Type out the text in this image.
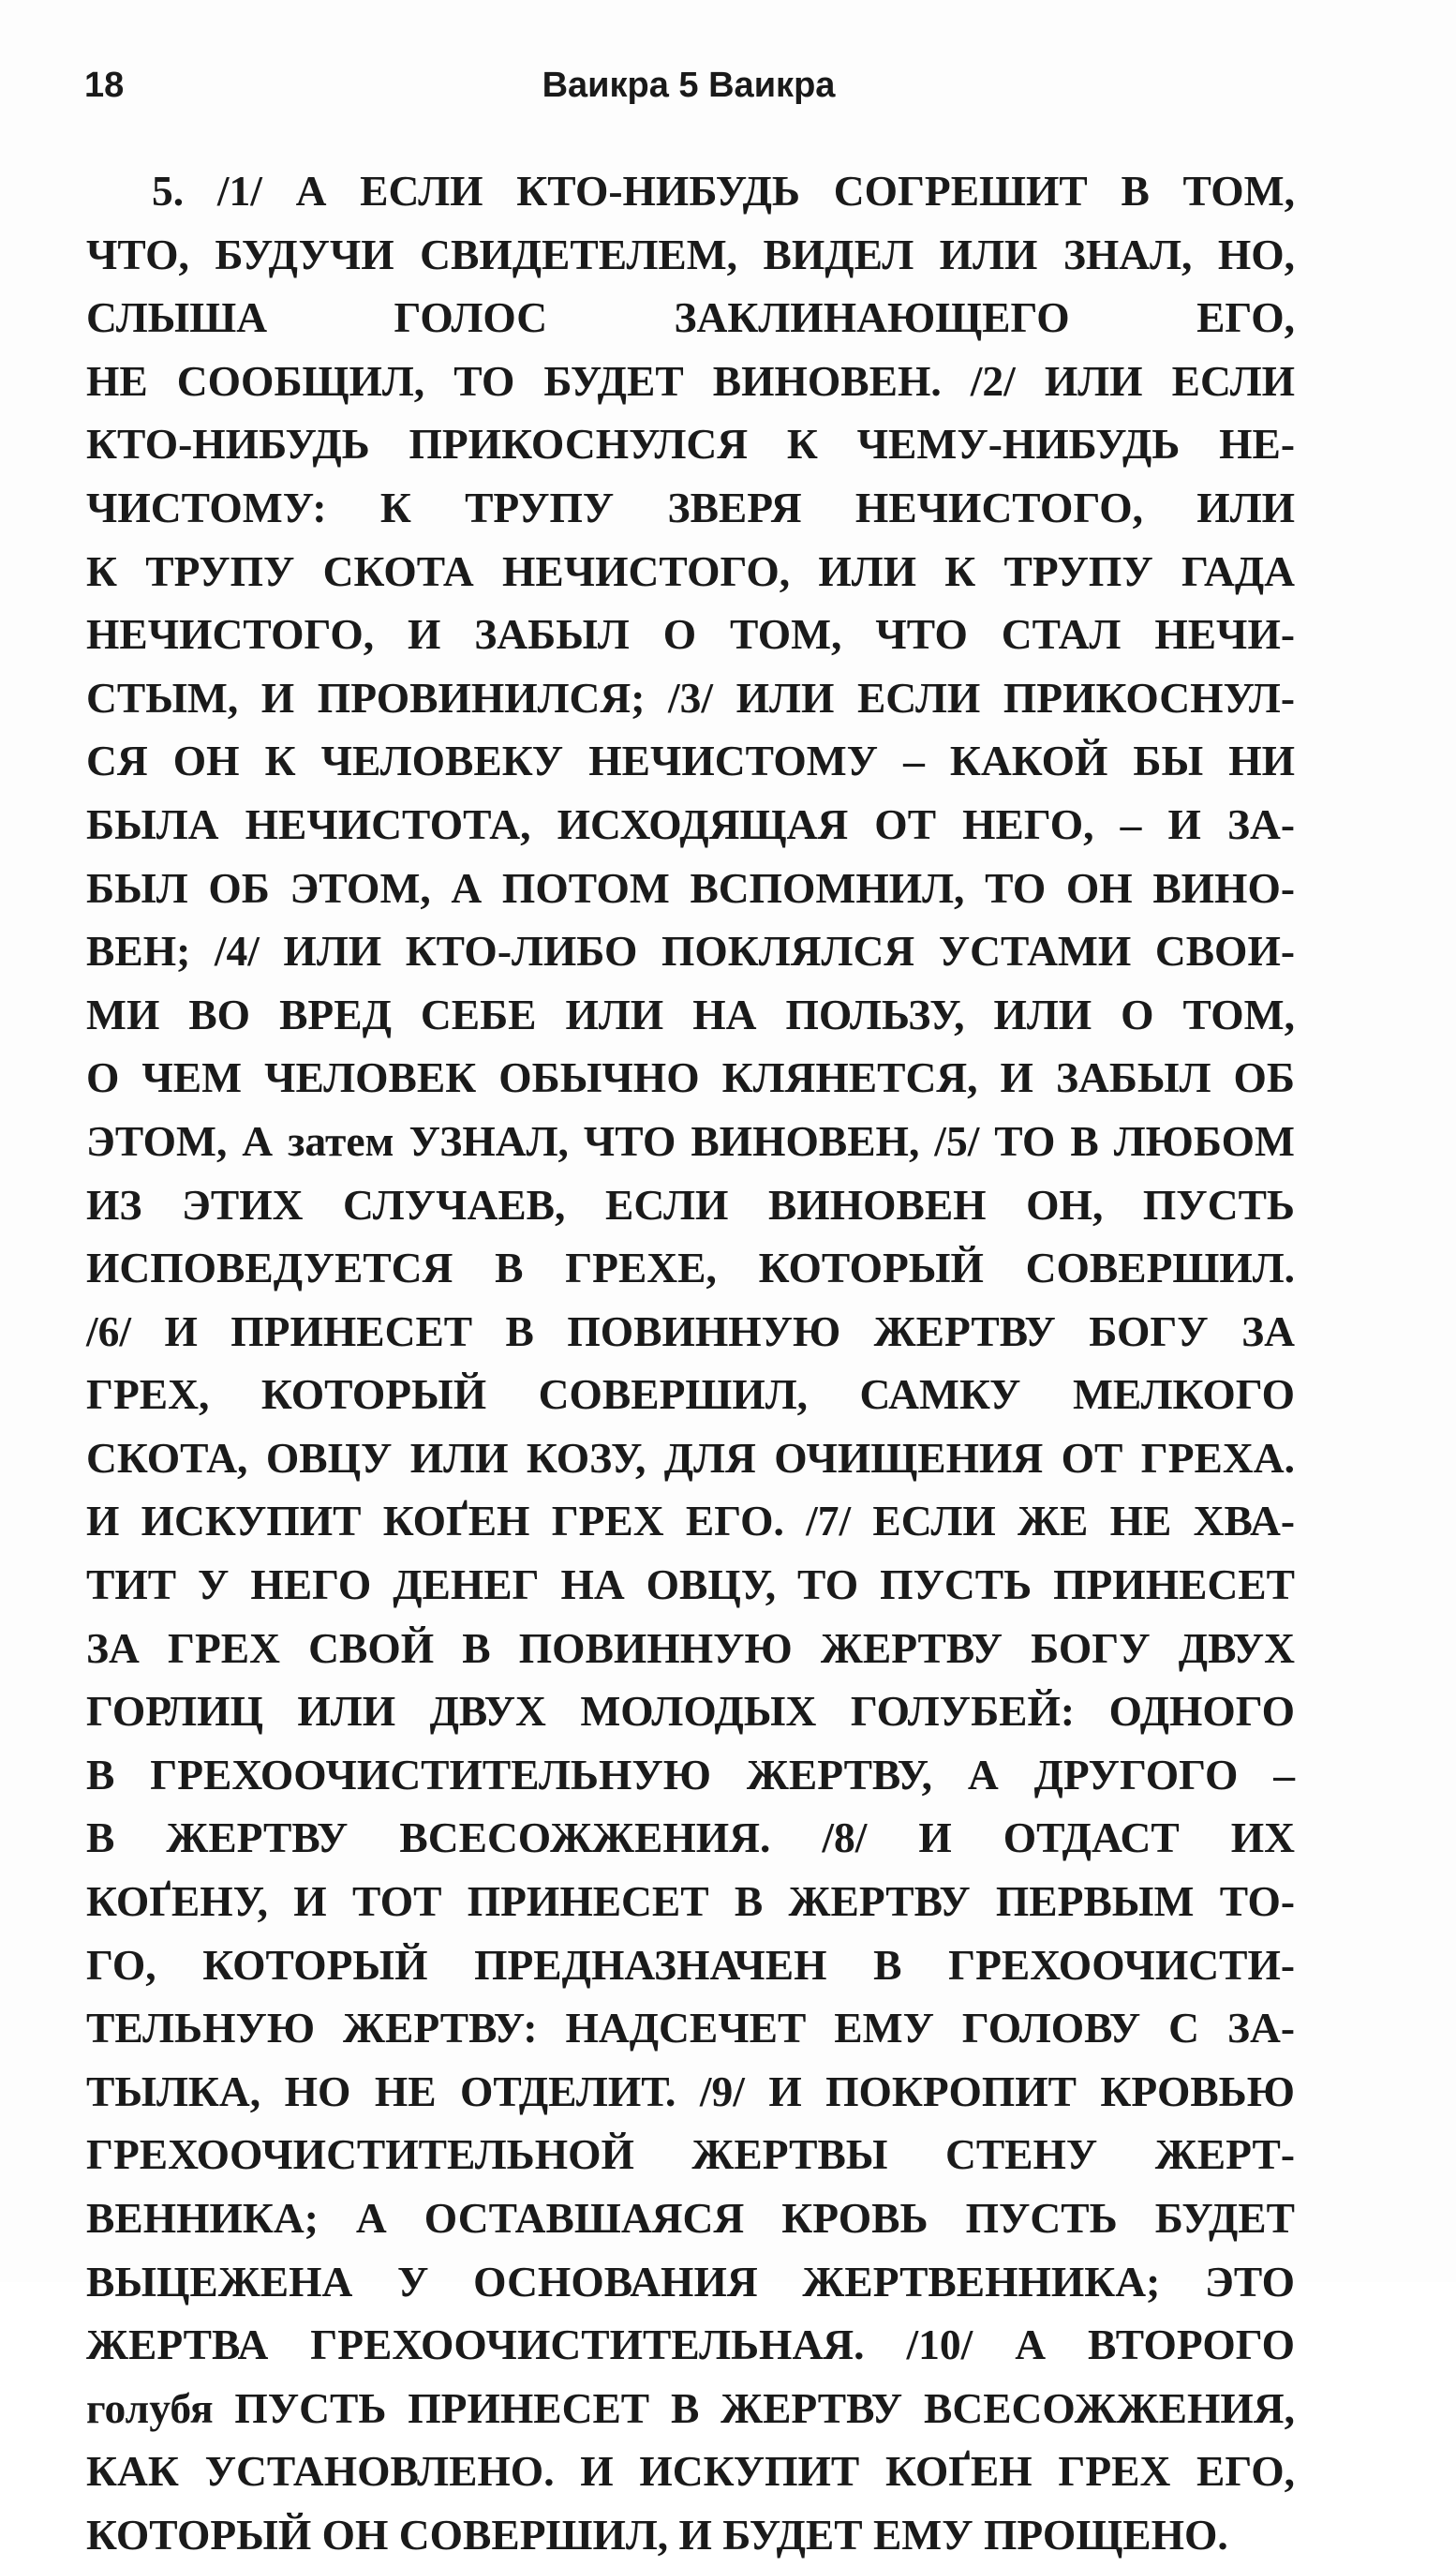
18	Ваикра 5 Ваикра
5. /1/ А ЕСЛИ КТО-НИБУДЬ СОГРЕШИТ В ТОМ,
ЧТО, БУДУЧИ СВИДЕТЕЛЕМ, ВИДЕЛ ИЛИ ЗНАЛ, НО,
СЛЫША ГОЛОС ЗАКЛИНАЮЩЕГО ЕГО,
НЕ СООБЩИЛ, ТО БУДЕТ ВИНОВЕН. /2/ ИЛИ ЕСЛИ
КТО-НИБУДЬ ПРИКОСНУЛСЯ К ЧЕМУ-НИБУДЬ НЕ-
ЧИСТОМУ: К ТРУПУ ЗВЕРЯ НЕЧИСТОГО, ИЛИ
К ТРУПУ СКОТА НЕЧИСТОГО, ИЛИ К ТРУПУ ГАДА
НЕЧИСТОГО, И ЗАБЫЛ О ТОМ, ЧТО СТАЛ НЕЧИ-
СТЫМ, И ПРОВИНИЛСЯ; /3/ ИЛИ ЕСЛИ ПРИКОСНУЛ-
СЯ ОН К ЧЕЛОВЕКУ НЕЧИСТОМУ – КАКОЙ БЫ НИ
БЫЛА НЕЧИСТОТА, ИСХОДЯЩАЯ ОТ НЕГО, – И ЗА-
БЫЛ ОБ ЭТОМ, А ПОТОМ ВСПОМНИЛ, ТО ОН ВИНО-
ВЕН; /4/ ИЛИ КТО-ЛИБО ПОКЛЯЛСЯ УСТАМИ СВОИ-
МИ ВО ВРЕД СЕБЕ ИЛИ НА ПОЛЬЗУ, ИЛИ О ТОМ,
О ЧЕМ ЧЕЛОВЕК ОБЫЧНО КЛЯНЕТСЯ, И ЗАБЫЛ ОБ
ЭТОМ, А затем УЗНАЛ, ЧТО ВИНОВЕН, /5/ ТО В ЛЮБОМ
ИЗ ЭТИХ СЛУЧАЕВ, ЕСЛИ ВИНОВЕН ОН, ПУСТЬ
ИСПОВЕДУЕТСЯ В ГРЕХЕ, КОТОРЫЙ СОВЕРШИЛ.
/6/ И ПРИНЕСЕТ В ПОВИННУЮ ЖЕРТВУ БОГУ ЗА
ГРЕХ, КОТОРЫЙ СОВЕРШИЛ, САМКУ МЕЛКОГО
СКОТА, ОВЦУ ИЛИ КОЗУ, ДЛЯ ОЧИЩЕНИЯ ОТ ГРЕХА.
И ИСКУПИТ КОҐЕН ГРЕХ ЕГО. /7/ ЕСЛИ ЖЕ НЕ ХВА-
ТИТ У НЕГО ДЕНЕГ НА ОВЦУ, ТО ПУСТЬ ПРИНЕСЕТ
ЗА ГРЕХ СВОЙ В ПОВИННУЮ ЖЕРТВУ БОГУ ДВУХ
ГОРЛИЦ ИЛИ ДВУХ МОЛОДЫХ ГОЛУБЕЙ: ОДНОГО
В ГРЕХООЧИСТИТЕЛЬНУЮ ЖЕРТВУ, А ДРУГОГО –
В ЖЕРТВУ ВСЕСОЖЖЕНИЯ. /8/ И ОТДАСТ ИХ
КОҐЕНУ, И ТОТ ПРИНЕСЕТ В ЖЕРТВУ ПЕРВЫМ ТО-
ГО, КОТОРЫЙ ПРЕДНАЗНАЧЕН В ГРЕХООЧИСТИ-
ТЕЛЬНУЮ ЖЕРТВУ: НАДСЕЧЕТ ЕМУ ГОЛОВУ С ЗА-
ТЫЛКА, НО НЕ ОТДЕЛИТ. /9/ И ПОКРОПИТ КРОВЬЮ
ГРЕХООЧИСТИТЕЛЬНОЙ ЖЕРТВЫ СТЕНУ ЖЕРТ-
ВЕННИКА; А ОСТАВШАЯСЯ КРОВЬ ПУСТЬ БУДЕТ
ВЫЦЕЖЕНА У ОСНОВАНИЯ ЖЕРТВЕННИКА; ЭТО
ЖЕРТВА ГРЕХООЧИСТИТЕЛЬНАЯ. /10/ А ВТОРОГО
голубя ПУСТЬ ПРИНЕСЕТ В ЖЕРТВУ ВСЕСОЖЖЕНИЯ,
КАК УСТАНОВЛЕНО. И ИСКУПИТ КОҐЕН ГРЕХ ЕГО,
КОТОРЫЙ ОН СОВЕРШИЛ, И БУДЕТ ЕМУ ПРОЩЕНО.
